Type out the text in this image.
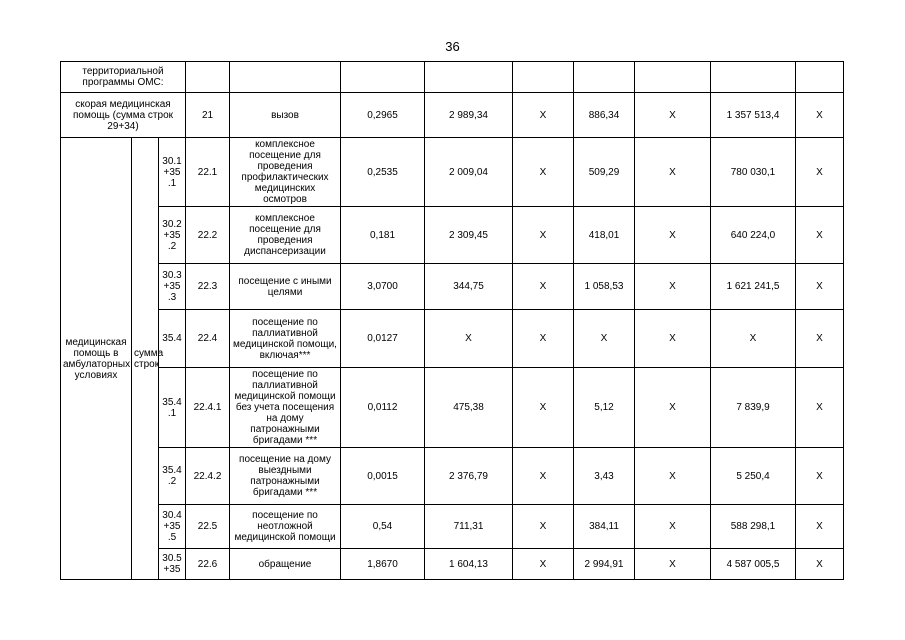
36
территориальной программы ОМС:											
скорая медицинская помощь (сумма строк 29+34)			21	вызов	0,2965	2 989,34	X	886,34	X	1 357 513,4	X
медицинская помощь в амбулаторных условиях	сумма строк	30.1 +35 .1	22.1	комплексное посещение для проведения профилактических медицинских осмотров	0,2535	2 009,04	X	509,29	X	780 030,1	X
		30.2 +35 .2	22.2	комплексное посещение для проведения диспансеризации	0,181	2 309,45	X	418,01	X	640 224,0	X
		30.3 +35 .3	22.3	посещение с иными целями	3,0700	344,75	X	1 058,53	X	1 621 241,5	X
		35.4	22.4	посещение по паллиативной медицинской помощи, включая***	0,0127	X	X	X	X	X	X
		35.4 .1	22.4.1	посещение по паллиативной медицинской помощи без учета посещения на дому патронажными бригадами ***	0,0112	475,38	X	5,12	X	7 839,9	X
		35.4 .2	22.4.2	посещение на дому выездными патронажными бригадами ***	0,0015	2 376,79	X	3,43	X	5 250,4	X
		30.4 +35 .5	22.5	посещение по неотложной медицинской помощи	0,54	711,31	X	384,11	X	588 298,1	X
		30.5 +35	22.6	обращение	1,8670	1 604,13	X	2 994,91	X	4 587 005,5	X
